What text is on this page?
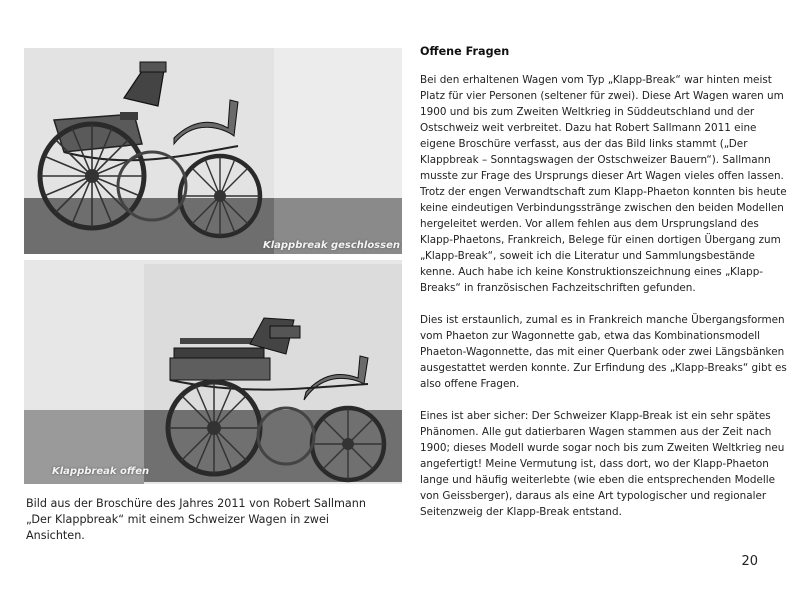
Klappbreak geschlossen
Klappbreak offen
Bild aus der Broschüre des Jahres 2011 von Robert Sallmann „Der Klappbreak“ mit einem Schweizer Wagen in zwei Ansichten.
Offene Fragen

Bei den erhaltenen Wagen vom Typ „Klapp-Break“ war hinten meist Platz für vier Personen (seltener für zwei). Diese Art Wagen waren um 1900 und bis zum Zweiten Weltkrieg in Süddeutschland und der Ostschweiz weit verbreitet. Dazu hat Robert Sallmann 2011 eine eigene Broschüre verfasst, aus der das Bild links stammt („Der Klappbreak – Sonntagswagen der Ostschweizer Bauern“). Sallmann musste zur Frage des Ursprungs dieser Art Wagen vieles offen lassen. Trotz der engen Verwandtschaft zum Klapp-Phaeton konnten bis heute keine eindeutigen Verbindungsstränge zwischen den beiden Modellen hergeleitet werden. Vor allem fehlen aus dem Ursprungsland des Klapp-Phaetons, Frankreich, Belege für einen dortigen Übergang zum „Klapp-Break“, soweit ich die Literatur und Sammlungsbestände kenne. Auch habe ich keine Konstruktionszeichnung eines „Klapp-Breaks“ in französischen Fachzeitschriften gefunden.

Dies ist erstaunlich, zumal es in Frankreich manche Übergangsformen vom Phaeton zur Wagonnette gab, etwa das Kombinationsmodell Phaeton-Wagonnette, das mit einer Querbank oder zwei Längsbänken ausgestattet werden konnte. Zur Erfindung des „Klapp-Breaks“ gibt es also offene Fragen.

Eines ist aber sicher: Der Schweizer Klapp-Break ist ein sehr spätes Phänomen. Alle gut datierbaren Wagen stammen aus der Zeit nach 1900; dieses Modell wurde sogar noch bis zum Zweiten Weltkrieg neu angefertigt! Meine Vermutung ist, dass dort, wo der Klapp-Phaeton lange und häufig weiterlebte (wie eben die entsprechenden Modelle von Geissberger), daraus als eine Art typologischer und regionaler Seitenzweig der Klapp-Break entstand.

20
